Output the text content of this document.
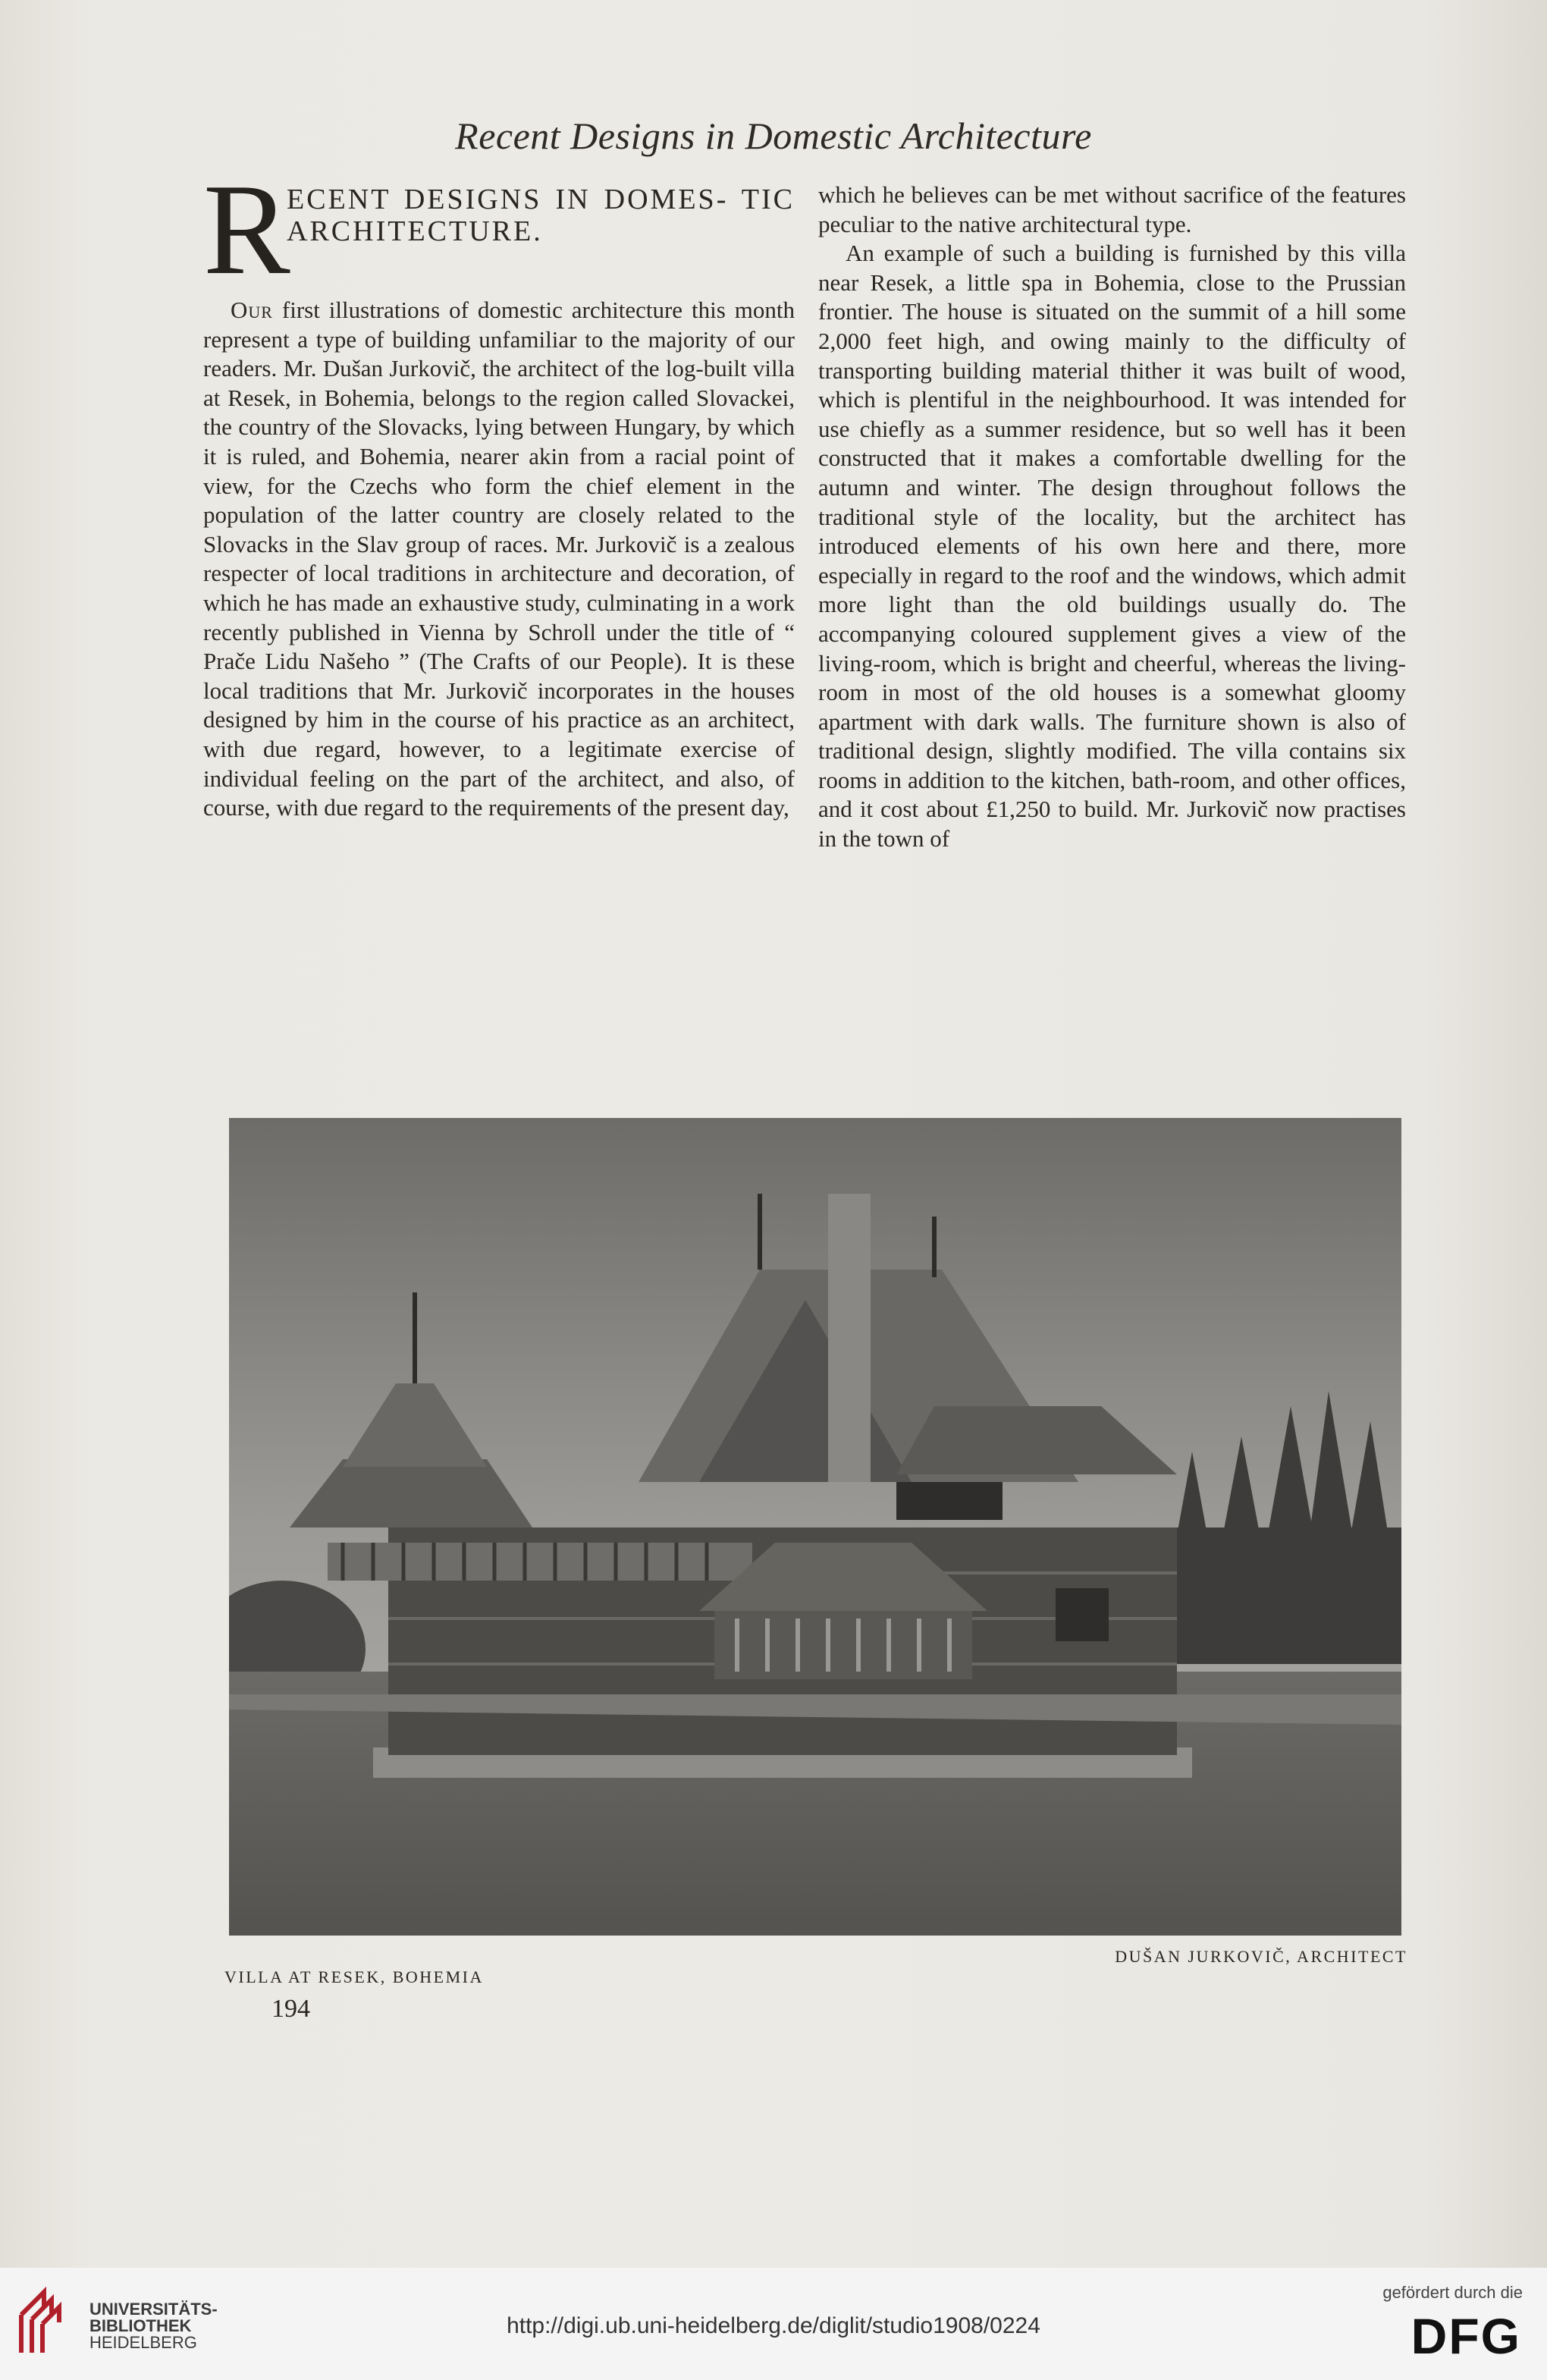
Recent Designs in Domestic Architecture
R
ECENT DESIGNS IN DOMES- TIC ARCHITECTURE.

Our first illustrations of domestic architecture this month represent a type of building unfamiliar to the majority of our readers. Mr. Dušan Jurkovič, the architect of the log-built villa at Resek, in Bohemia, belongs to the region called Slovackei, the country of the Slovacks, lying between Hungary, by which it is ruled, and Bohemia, nearer akin from a racial point of view, for the Czechs who form the chief element in the population of the latter country are closely related to the Slovacks in the Slav group of races. Mr. Jurkovič is a zealous respecter of local traditions in architecture and decoration, of which he has made an exhaustive study, culminating in a work recently published in Vienna by Schroll under the title of “ Prače Lidu Našeho ” (The Crafts of our People). It is these local traditions that Mr. Jurkovič incorporates in the houses designed by him in the course of his practice as an architect, with due regard, however, to a legitimate exercise of individual feeling on the part of the architect, and also, of course, with due regard to the requirements of the present day,

which he believes can be met without sacrifice of the features peculiar to the native architectural type.

An example of such a building is furnished by this villa near Resek, a little spa in Bohemia, close to the Prussian frontier. The house is situated on the summit of a hill some 2,000 feet high, and owing mainly to the difficulty of transporting building material thither it was built of wood, which is plentiful in the neighbourhood. It was intended for use chiefly as a summer residence, but so well has it been constructed that it makes a comfortable dwelling for the autumn and winter. The design throughout follows the traditional style of the locality, but the architect has introduced elements of his own here and there, more especially in regard to the roof and the windows, which admit more light than the old buildings usually do. The accompanying coloured supplement gives a view of the living-room, which is bright and cheerful, whereas the living-room in most of the old houses is a somewhat gloomy apartment with dark walls. The furniture shown is also of traditional design, slightly modified. The villa contains six rooms in addition to the kitchen, bath-room, and other offices, and it cost about £1,250 to build. Mr. Jurkovič now practises in the town of

VILLA AT RESEK, BOHEMIA
DUŠAN JURKOVIČ, ARCHITECT
194
UNIVERSITÄTS-
BIBLIOTHEK
HEIDELBERG
http://digi.ub.uni-heidelberg.de/diglit/studio1908/0224
gefördert durch die
DFG
